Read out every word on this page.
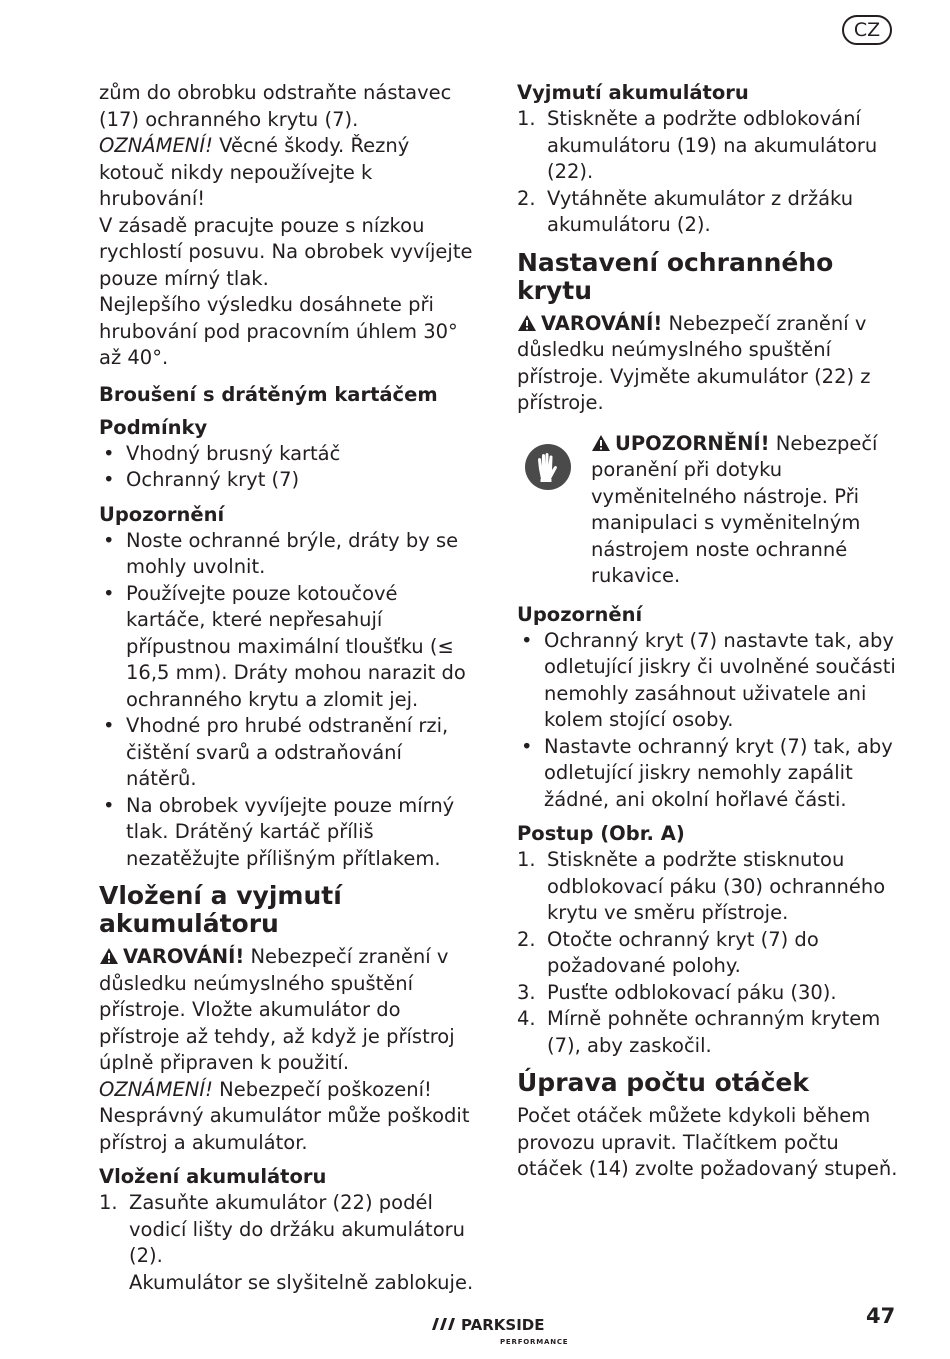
CZ

zům do obrobku odstraňte nástavec (17) ochranného krytu (7).

OZNÁMENÍ! Věcné škody. Řezný kotouč nikdy nepoužívejte k hrubování!

V zásadě pracujte pouze s nízkou rychlostí posuvu. Na obrobek vyvíjejte pouze mírný tlak.

Nejlepšího výsledku dosáhnete při hrubování pod pracovním úhlem 30° až 40°.

Broušení s drátěným kartáčem
Podmínky
• Vhodný brusný kartáč
• Ochranný kryt (7)
Upozornění
• Noste ochranné brýle, dráty by se mohly uvolnit.
• Používejte pouze kotoučové kartáče, které nepřesahují přípustnou maximální tloušťku (≤ 16,5 mm). Dráty mohou narazit do ochranného krytu a zlomit jej.
• Vhodné pro hrubé odstranění rzi, čištění svarů a odstraňování nátěrů.
• Na obrobek vyvíjejte pouze mírný tlak. Drátěný kartáč příliš nezatěžujte přílišným přítlakem.
Vložení a vyjmutí akumulátoru

VAROVÁNÍ! Nebezpečí zranění v důsledku neúmyslného spuštění přístroje. Vložte akumulátor do přístroje až tehdy, až když je přístroj úplně připraven k použití.

OZNÁMENÍ! Nebezpečí poškození! Nesprávný akumulátor může poškodit přístroj a akumulátor.

Vložení akumulátoru
1. Zasuňte akumulátor (22) podél vodicí lišty do držáku akumulátoru (2).
Akumulátor se slyšitelně zablokuje.
Vyjmutí akumulátoru
1. Stiskněte a podržte odblokování akumulátoru (19) na akumulátoru (22).
2. Vytáhněte akumulátor z držáku akumulátoru (2).
Nastavení ochranného krytu

VAROVÁNÍ! Nebezpečí zranění v důsledku neúmyslného spuštění přístroje. Vyjměte akumulátor (22) z přístroje.

UPOZORNĚNÍ! Nebezpečí poranění při dotyku vyměnitelného nástroje. Při manipulaci s vyměnitelným nástrojem noste ochranné rukavice.

Upozornění
• Ochranný kryt (7) nastavte tak, aby odletující jiskry či uvolněné součásti nemohly zasáhnout uživatele ani kolem stojící osoby.
• Nastavte ochranný kryt (7) tak, aby odletující jiskry nemohly zapálit žádné, ani okolní hořlavé části.
Postup (Obr. A)
1. Stiskněte a podržte stisknutou odblokovací páku (30) ochranného krytu ve směru přístroje.
2. Otočte ochranný kryt (7) do požadované polohy.
3. Pusťte odblokovací páku (30).
4. Mírně pohněte ochranným krytem (7), aby zaskočil.
Úprava počtu otáček

Počet otáček můžete kdykoli během provozu upravit. Tlačítkem počtu otáček (14) zvolte požadovaný stupeň.

PARKSIDE
PERFORMANCE
47
